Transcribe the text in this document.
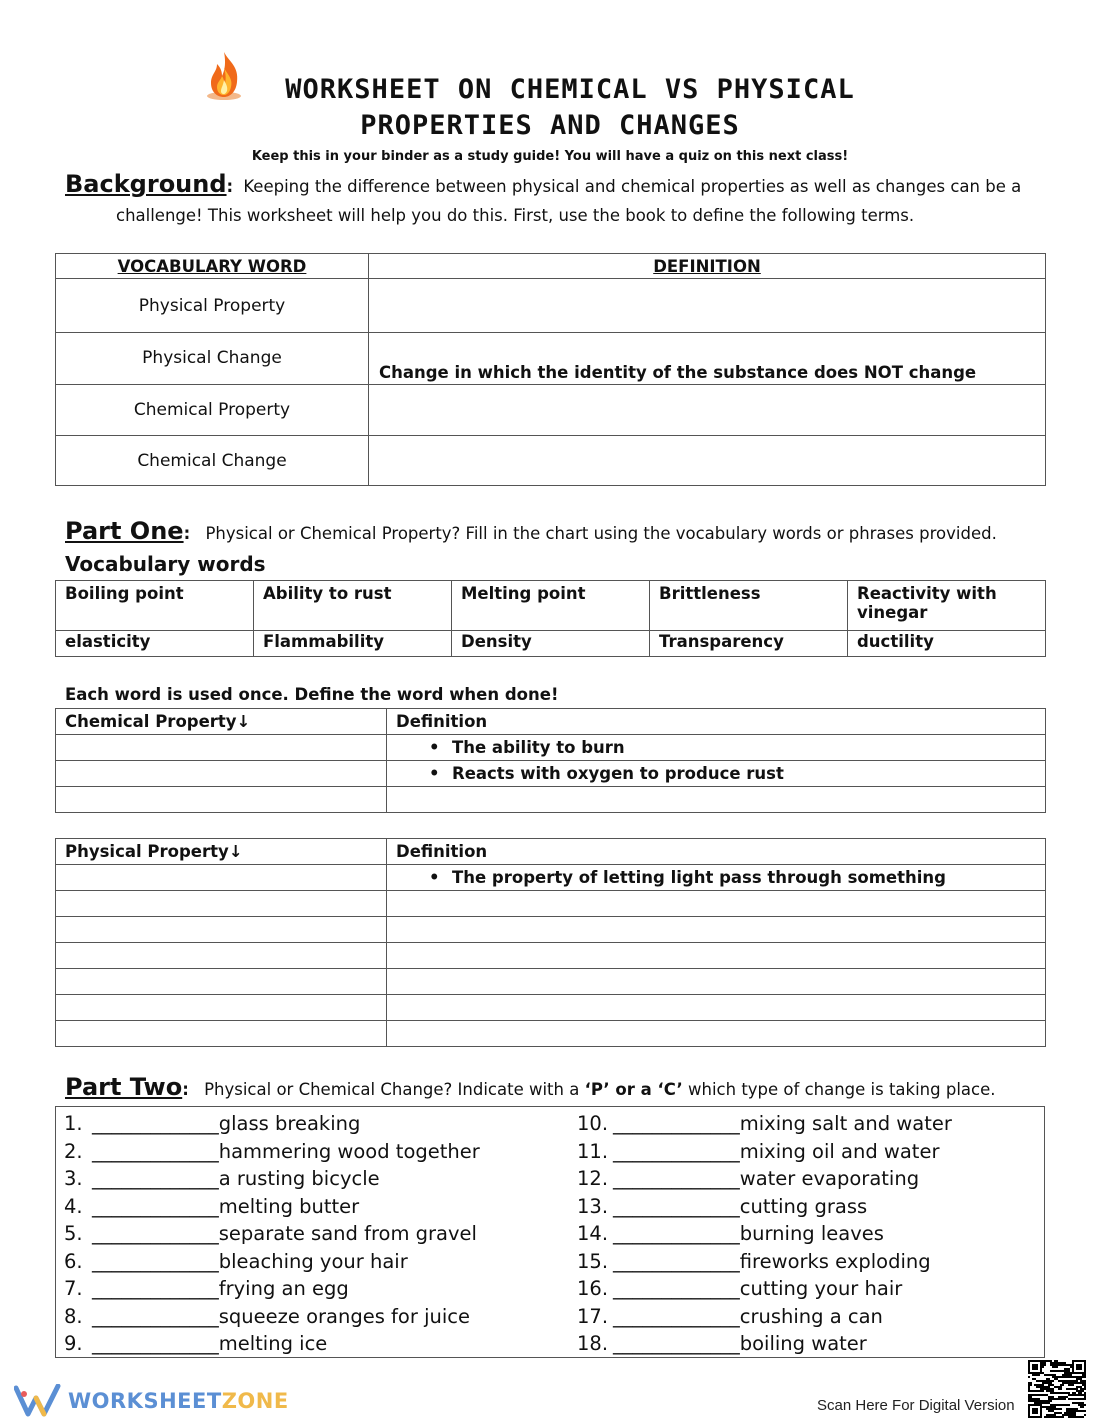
WORKSHEET ON CHEMICAL VS PHYSICAL
PROPERTIES AND CHANGES
Keep this in your binder as a study guide! You will have a quiz on this next class!
Background: Keeping the difference between physical and chemical properties as well as changes can be a
challenge! This worksheet will help you do this. First, use the book to define the following terms.
VOCABULARY WORD	DEFINITION
Physical Property	
Physical Change	Change in which the identity of the substance does NOT change
Chemical Property	
Chemical Change	
Part One: Physical or Chemical Property? Fill in the chart using the vocabulary words or phrases provided.
Vocabulary words
Boiling point	Ability to rust	Melting point	Brittleness	Reactivity with vinegar
elasticity	Flammability	Density	Transparency	ductility
Each word is used once. Define the word when done!
Chemical Property↓	Definition
	• The ability to burn
	• Reacts with oxygen to produce rust

Physical Property↓	Definition
	• The property of letting light pass through something

Part Two: Physical or Chemical Change? Indicate with a ‘P’ or a ‘C’ which type of change is taking place.
1._____________glass breaking
2._____________hammering wood together
3._____________a rusting bicycle
4._____________melting butter
5._____________separate sand from gravel
6._____________bleaching your hair
7._____________frying an egg
8._____________squeeze oranges for juice
9._____________melting ice
10._____________mixing salt and water
11._____________mixing oil and water
12._____________water evaporating
13._____________cutting grass
14._____________burning leaves
15._____________fireworks exploding
16._____________cutting your hair
17._____________crushing a can
18._____________boiling water
WORKSHEETZONE	Scan Here For Digital Version
